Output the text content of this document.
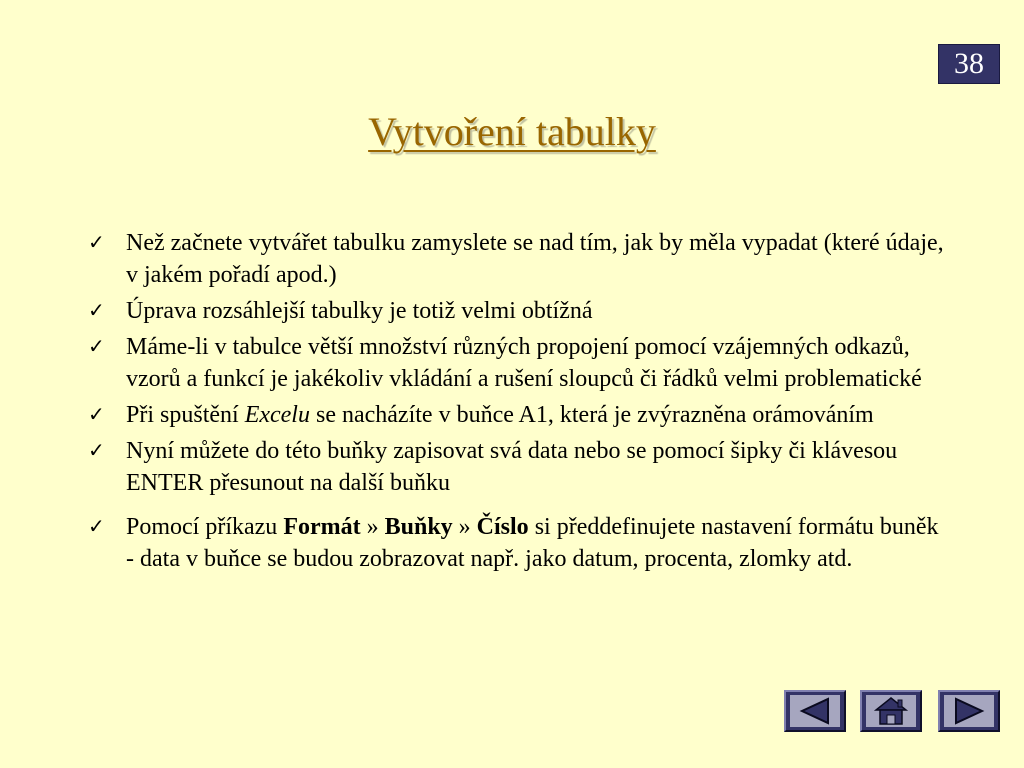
38
Vytvoření tabulky
✓ Než začnete vytvářet tabulku zamyslete se nad tím, jak by měla vypadat (které údaje, v jakém pořadí apod.)
✓ Úprava rozsáhlejší tabulky je totiž velmi obtížná
✓ Máme-li v tabulce větší množství různých propojení pomocí vzájemných odkazů, vzorů a funkcí je jakékoliv vkládání a rušení sloupců či řádků velmi problematické
✓ Při spuštění Excelu se nacházíte v buňce A1, která je zvýrazněna orámováním
✓ Nyní můžete do této buňky zapisovat svá data nebo se pomocí šipky či klávesou ENTER přesunout na další buňku
✓ Pomocí příkazu Formát » Buňky » Číslo si předdefinujete nastavení formátu buněk - data v buňce se budou zobrazovat např. jako datum, procenta, zlomky atd.
